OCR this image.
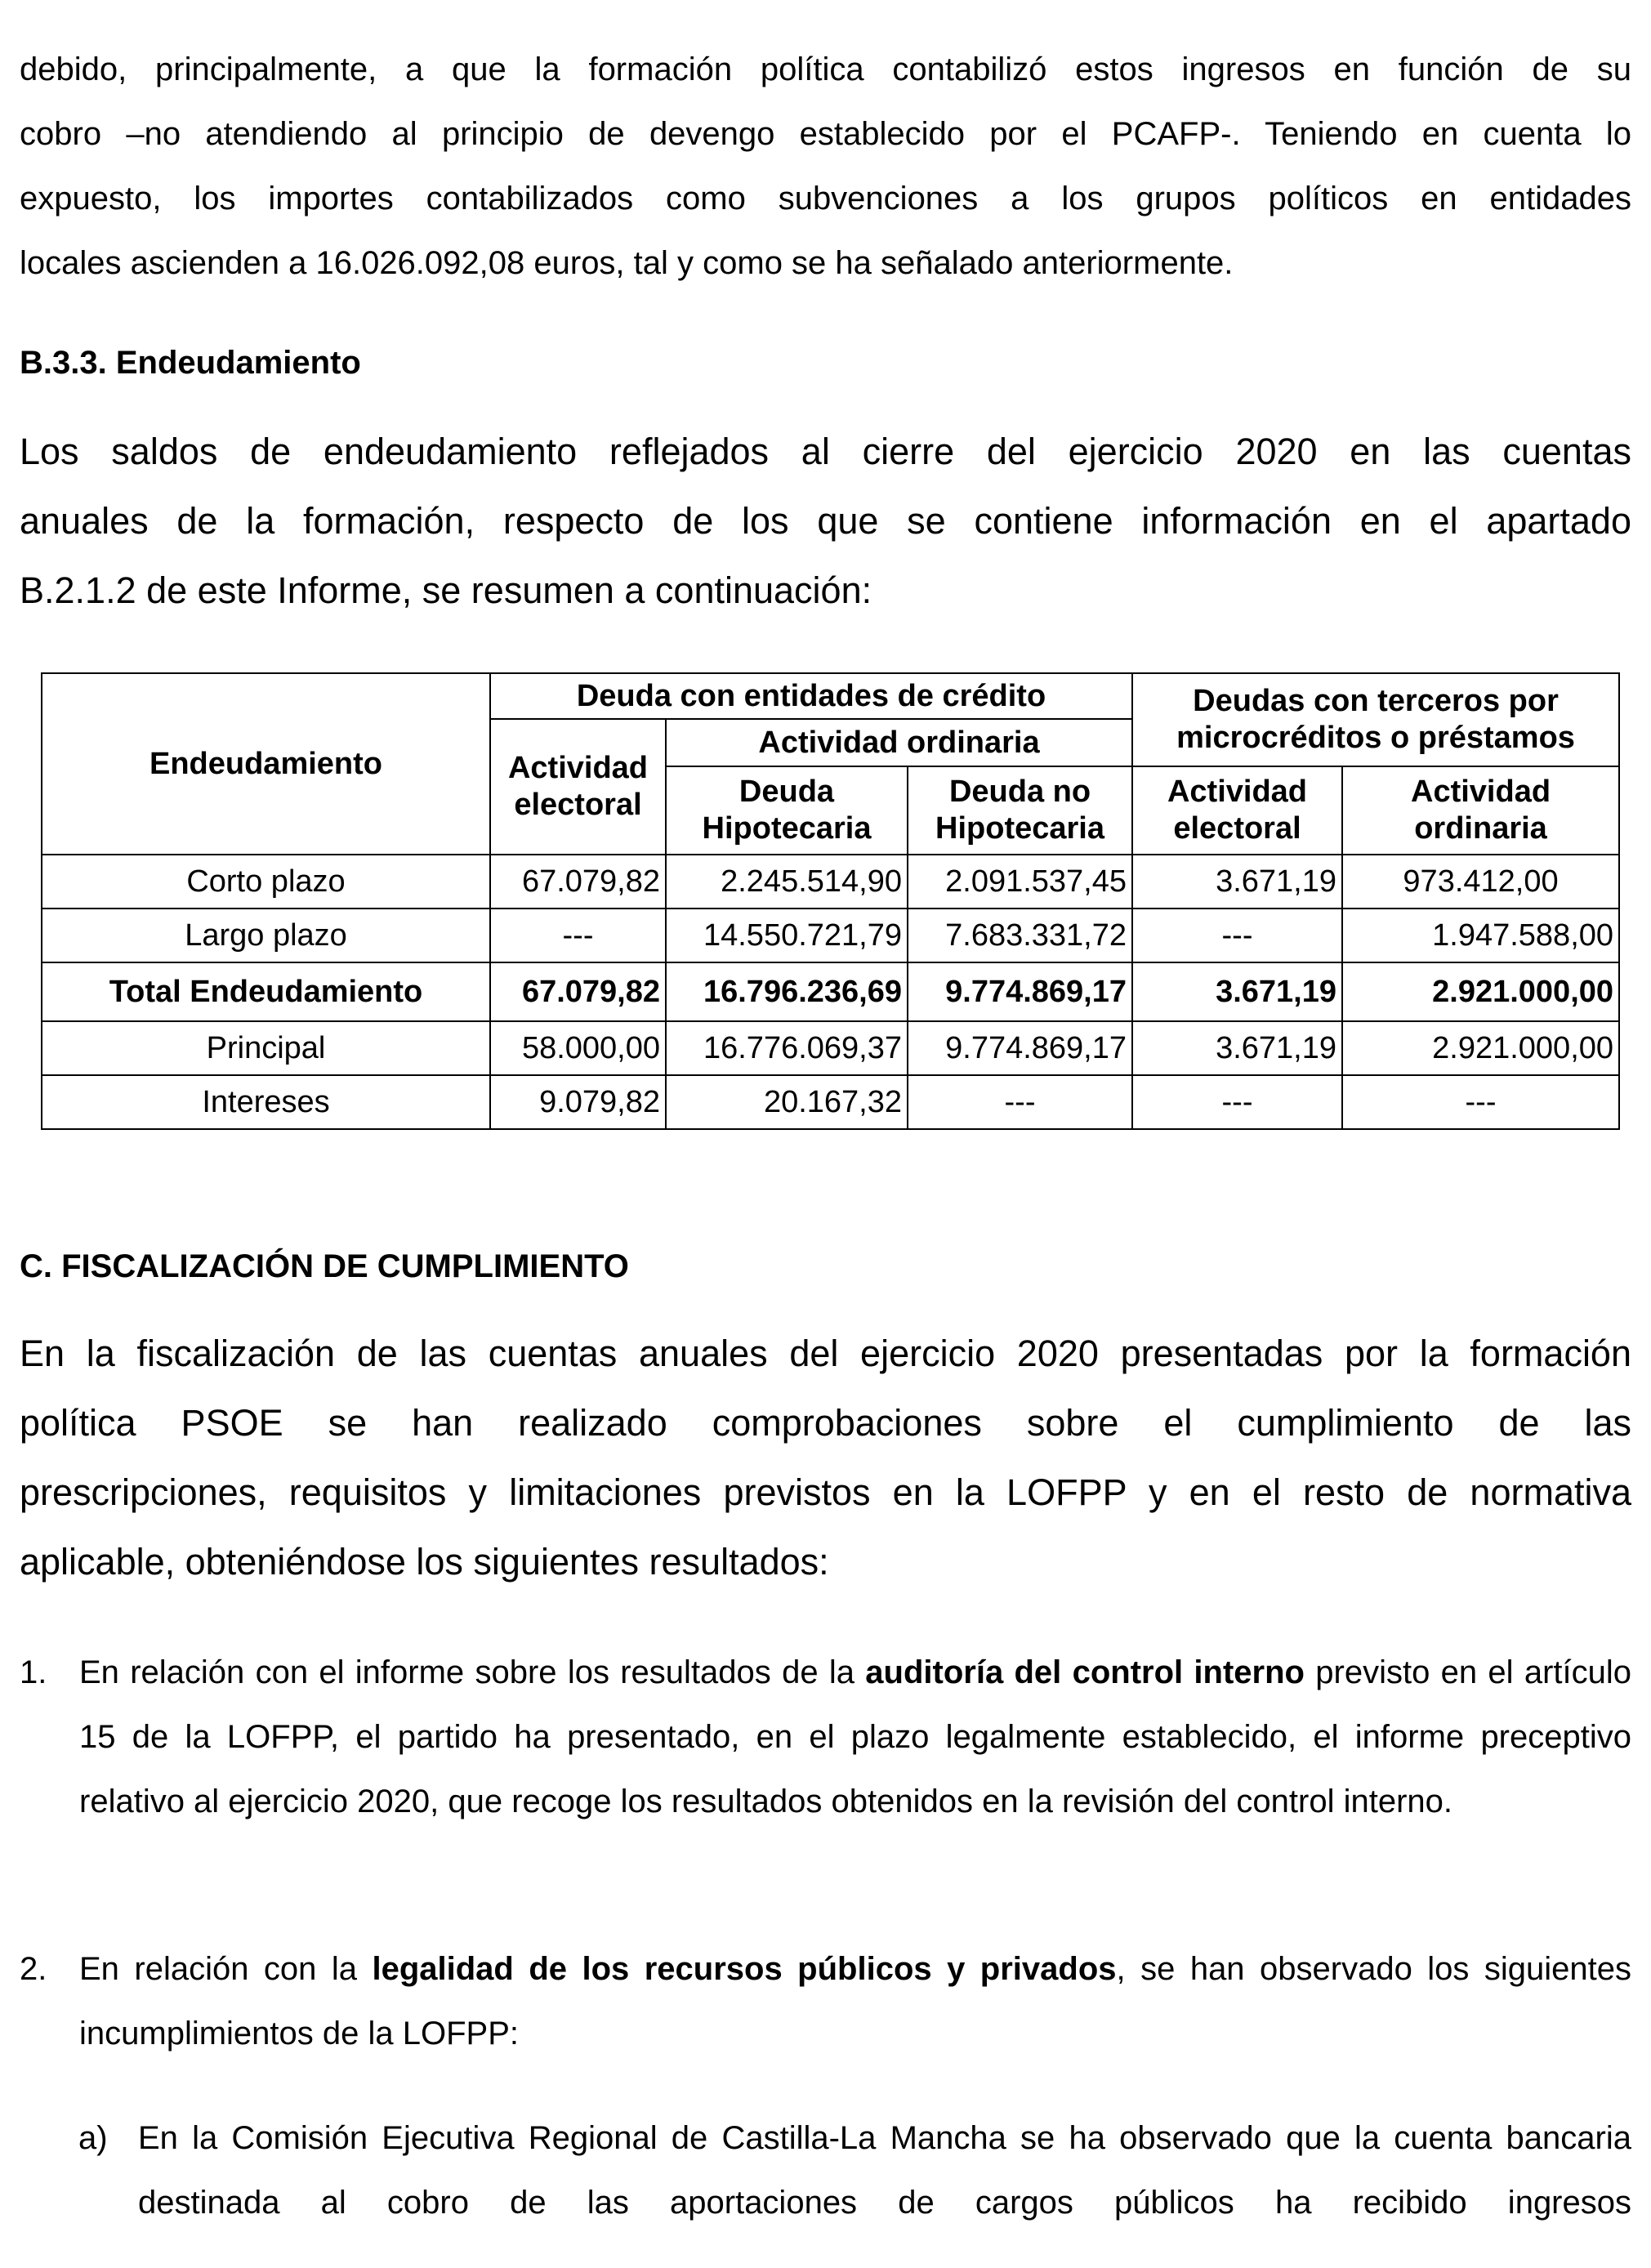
debido, principalmente, a que la formación política contabilizó estos ingresos en función de su

cobro –no atendiendo al principio de devengo establecido por el PCAFP-. Teniendo en cuenta lo

expuesto, los importes contabilizados como subvenciones a los grupos políticos en entidades

locales ascienden a 16.026.092,08 euros, tal y como se ha señalado anteriormente.

B.3.3. Endeudamiento

Los saldos de endeudamiento reflejados al cierre del ejercicio 2020 en las cuentas

anuales de la formación, respecto de los que se contiene información en el apartado

B.2.1.2 de este Informe, se resumen a continuación:

Endeudamiento	Deuda con entidades de crédito			Deudas con terceros por microcréditos o préstamos	
	Actividad electoral	Actividad ordinaria			
		Deuda Hipotecaria	Deuda no Hipotecaria	Actividad electoral	Actividad ordinaria
Corto plazo	67.079,82	2.245.514,90	2.091.537,45	3.671,19	973.412,00
Largo plazo	---	14.550.721,79	7.683.331,72	---	1.947.588,00
Total Endeudamiento	67.079,82	16.796.236,69	9.774.869,17	3.671,19	2.921.000,00
Principal	58.000,00	16.776.069,37	9.774.869,17	3.671,19	2.921.000,00
Intereses	9.079,82	20.167,32	---	---	---
C. FISCALIZACIÓN DE CUMPLIMIENTO

En la fiscalización de las cuentas anuales del ejercicio 2020 presentadas por la formación

política PSOE se han realizado comprobaciones sobre el cumplimiento de las

prescripciones, requisitos y limitaciones previstos en la LOFPP y en el resto de normativa

aplicable, obteniéndose los siguientes resultados:

1. En relación con el informe sobre los resultados de la auditoría del control interno previsto en el artículo 15 de la LOFPP, el partido ha presentado, en el plazo legalmente establecido, el informe preceptivo relativo al ejercicio 2020, que recoge los resultados obtenidos en la revisión del control interno.

2. En relación con la legalidad de los recursos públicos y privados, se han observado los siguientes incumplimientos de la LOFPP:

a) En la Comisión Ejecutiva Regional de Castilla-La Mancha se ha observado que la cuenta bancaria destinada al cobro de las aportaciones de cargos públicos ha recibido ingresos
